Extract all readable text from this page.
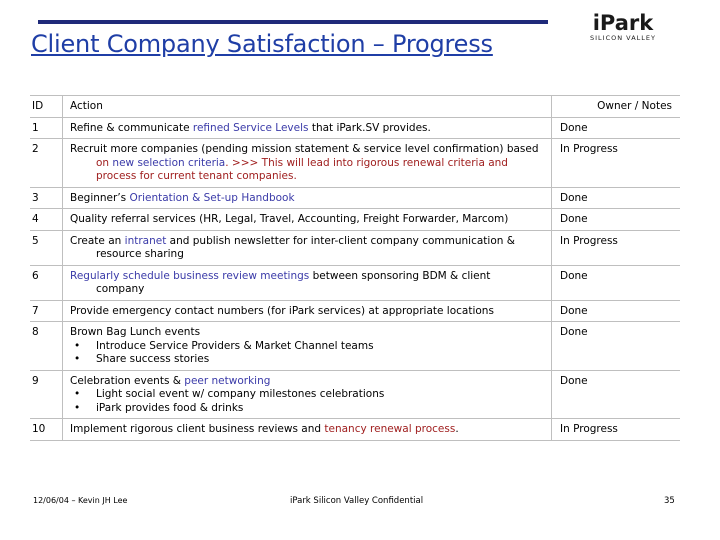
Client Company Satisfaction – Progress
iPark
SILICON VALLEY
ID	Action	Owner / Notes
1	Refine & communicate refined Service Levels that iPark.SV provides.	Done
2	Recruit more companies (pending mission statement & service level confirmation) based
on new selection criteria. >>> This will lead into rigorous renewal criteria and
process for current tenant companies.	In Progress
3	Beginner’s Orientation & Set-up Handbook	Done
4	Quality referral services (HR, Legal, Travel, Accounting, Freight Forwarder, Marcom)	Done
5	Create an intranet and publish newsletter for inter-client company communication &
resource sharing	In Progress
6	Regularly schedule business review meetings between sponsoring BDM & client
company	Done
7	Provide emergency contact numbers (for iPark services) at appropriate locations	Done
8	Brown Bag Lunch events
• Introduce Service Providers & Market Channel teams
• Share success stories	Done
9	Celebration events & peer networking
• Light social event w/ company milestones celebrations
• iPark provides food & drinks	Done
10	Implement rigorous client business reviews and tenancy renewal process.	In Progress
12/06/04 – Kevin JH Lee	iPark Silicon Valley Confidential	35
